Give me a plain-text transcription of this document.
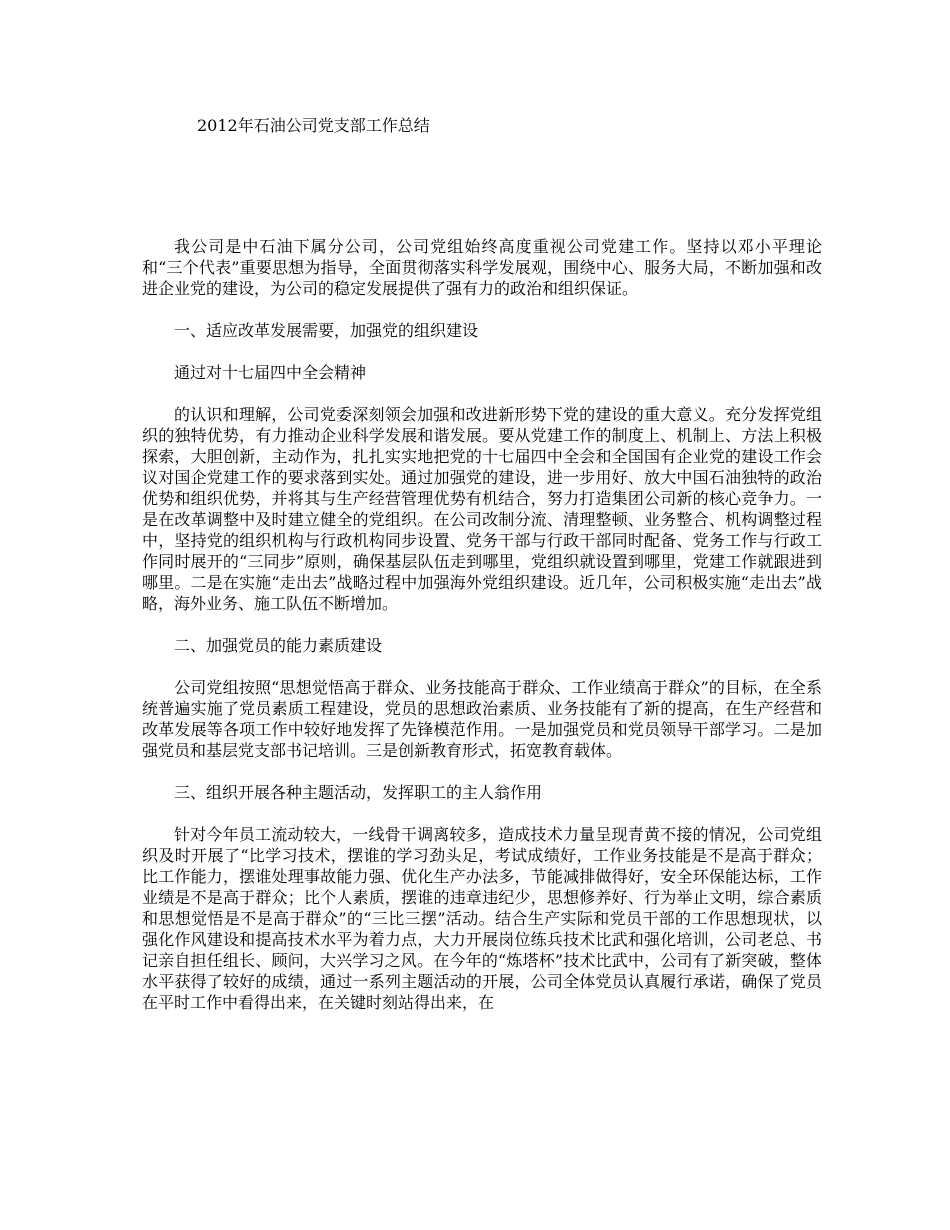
2012年石油公司党支部工作总结

我公司是中石油下属分公司，公司党组始终高度重视公司党建工作。坚持以邓小平理论和“三个代表”重要思想为指导，全面贯彻落实科学发展观，围绕中心、服务大局，不断加强和改进企业党的建设，为公司的稳定发展提供了强有力的政治和组织保证。

一、适应改革发展需要，加强党的组织建设

通过对十七届四中全会精神

的认识和理解，公司党委深刻领会加强和改进新形势下党的建设的重大意义。充分发挥党组织的独特优势，有力推动企业科学发展和谐发展。要从党建工作的制度上、机制上、方法上积极探索，大胆创新，主动作为，扎扎实实地把党的十七届四中全会和全国国有企业党的建设工作会议对国企党建工作的要求落到实处。通过加强党的建设，进一步用好、放大中国石油独特的政治优势和组织优势，并将其与生产经营管理优势有机结合，努力打造集团公司新的核心竞争力。一是在改革调整中及时建立健全的党组织。在公司改制分流、清理整顿、业务整合、机构调整过程中，坚持党的组织机构与行政机构同步设置、党务干部与行政干部同时配备、党务工作与行政工作同时展开的“三同步”原则，确保基层队伍走到哪里，党组织就设置到哪里，党建工作就跟进到哪里。二是在实施“走出去”战略过程中加强海外党组织建设。近几年，公司积极实施“走出去”战略，海外业务、施工队伍不断增加。

二、加强党员的能力素质建设

公司党组按照“思想觉悟高于群众、业务技能高于群众、工作业绩高于群众”的目标，在全系统普遍实施了党员素质工程建设，党员的思想政治素质、业务技能有了新的提高，在生产经营和改革发展等各项工作中较好地发挥了先锋模范作用。一是加强党员和党员领导干部学习。二是加强党员和基层党支部书记培训。三是创新教育形式，拓宽教育载体。

三、组织开展各种主题活动，发挥职工的主人翁作用

针对今年员工流动较大，一线骨干调离较多，造成技术力量呈现青黄不接的情况，公司党组织及时开展了“比学习技术，摆谁的学习劲头足，考试成绩好，工作业务技能是不是高于群众；比工作能力，摆谁处理事故能力强、优化生产办法多，节能减排做得好，安全环保能达标，工作业绩是不是高于群众；比个人素质，摆谁的违章违纪少，思想修养好、行为举止文明，综合素质和思想觉悟是不是高于群众”的“三比三摆”活动。结合生产实际和党员干部的工作思想现状，以强化作风建设和提高技术水平为着力点，大力开展岗位练兵技术比武和强化培训，公司老总、书记亲自担任组长、顾问，大兴学习之风。在今年的“炼塔杯”技术比武中，公司有了新突破，整体水平获得了较好的成绩，通过一系列主题活动的开展，公司全体党员认真履行承诺，确保了党员在平时工作中看得出来，在关键时刻站得出来，在
